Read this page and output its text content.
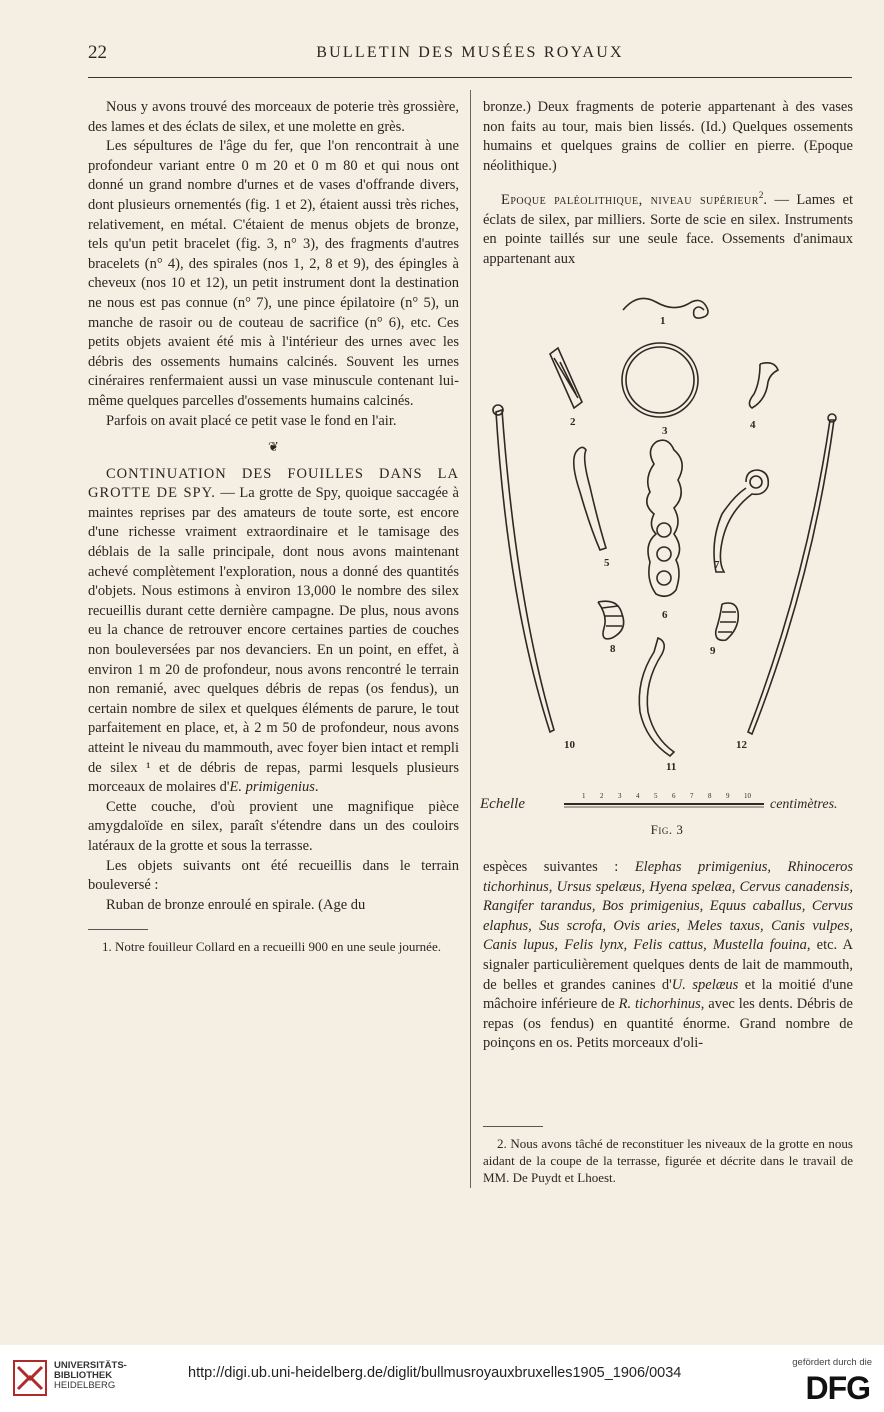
22	BULLETIN DES MUSÉES ROYAUX

Nous y avons trouvé des morceaux de poterie très grossière, des lames et des éclats de silex, et une molette en grès.

Les sépultures de l'âge du fer, que l'on rencontrait à une profondeur variant entre 0 m 20 et 0 m 80 et qui nous ont donné un grand nombre d'urnes et de vases d'offrande divers, dont plusieurs ornementés (fig. 1 et 2), étaient aussi très riches, relativement, en métal. C'étaient de menus objets de bronze, tels qu'un petit bracelet (fig. 3, n° 3), des fragments d'autres bracelets (n° 4), des spirales (nos 1, 2, 8 et 9), des épingles à cheveux (nos 10 et 12), un petit instrument dont la destination ne nous est pas connue (n° 7), une pince épilatoire (n° 5), un manche de rasoir ou de couteau de sacrifice (n° 6), etc. Ces petits objets avaient été mis à l'intérieur des urnes avec les débris des ossements humains calcinés. Souvent les urnes cinéraires renfermaient aussi un vase minuscule contenant lui-même quelques parcelles d'ossements humains calcinés.

Parfois on avait placé ce petit vase le fond en l'air.

❦

CONTINUATION DES FOUILLES DANS LA GROTTE DE SPY. — La grotte de Spy, quoique saccagée à maintes reprises par des amateurs de toute sorte, est encore d'une richesse vraiment extraordinaire et le tamisage des déblais de la salle principale, dont nous avons maintenant achevé complètement l'exploration, nous a donné des quantités d'objets. Nous estimons à environ 13,000 le nombre des silex recueillis durant cette dernière campagne. De plus, nous avons eu la chance de retrouver encore certaines parties de couches non bouleversées par nos devanciers. En un point, en effet, à environ 1 m 20 de profondeur, nous avons rencontré le terrain non remanié, avec quelques débris de repas (os fendus), un certain nombre de silex et quelques éléments de parure, le tout parfaitement en place, et, à 2 m 50 de profondeur, nous avons atteint le niveau du mammouth, avec foyer bien intact et rempli de silex ¹ et de débris de repas, parmi lesquels plusieurs morceaux de molaires d'E. primigenius.

Cette couche, d'où provient une magnifique pièce amygdaloïde en silex, paraît s'étendre dans un des couloirs latéraux de la grotte et sous la terrasse.

Les objets suivants ont été recueillis dans le terrain bouleversé :

Ruban de bronze enroulé en spirale. (Age du

1. Notre fouilleur Collard en a recueilli 900 en une seule journée.

bronze.) Deux fragments de poterie appartenant à des vases non faits au tour, mais bien lissés. (Id.) Quelques ossements humains et quelques grains de collier en pierre. (Epoque néolithique.)

Epoque paléolithique, niveau supérieur$^2$. — Lames et éclats de silex, par milliers. Sorte de scie en silex. Instruments en pointe taillés sur une seule face. Ossements d'animaux appartenant aux

1
2
3	4
5
6
7
8	9
10
11
12
Echelle	1 2 3 4 5 6 7 8 9 10
centimètres.
Fig. 3

espèces suivantes : Elephas primigenius, Rhinoceros tichorhinus, Ursus spelæus, Hyena spelæa, Cervus canadensis, Rangifer tarandus, Bos primigenius, Equus caballus, Cervus elaphus, Sus scrofa, Ovis aries, Meles taxus, Canis vulpes, Canis lupus, Felis lynx, Felis cattus, Mustella fouina, etc. A signaler particulièrement quelques dents de lait de mammouth, de belles et grandes canines d'U. spelæus et la moitié d'une mâchoire inférieure de R. tichorhinus, avec les dents. Débris de repas (os fendus) en quantité énorme. Grand nombre de poinçons en os. Petits morceaux d'oli-

2. Nous avons tâché de reconstituer les niveaux de la grotte en nous aidant de la coupe de la terrasse, figurée et décrite dans le travail de MM. De Puydt et Lhoest.

UNIVERSITÄTS-
BIBLIOTHEK
HEIDELBERG
http://digi.ub.uni-heidelberg.de/diglit/bullmusroyauxbruxelles1905_1906/0034
gefördert durch die
DFG
